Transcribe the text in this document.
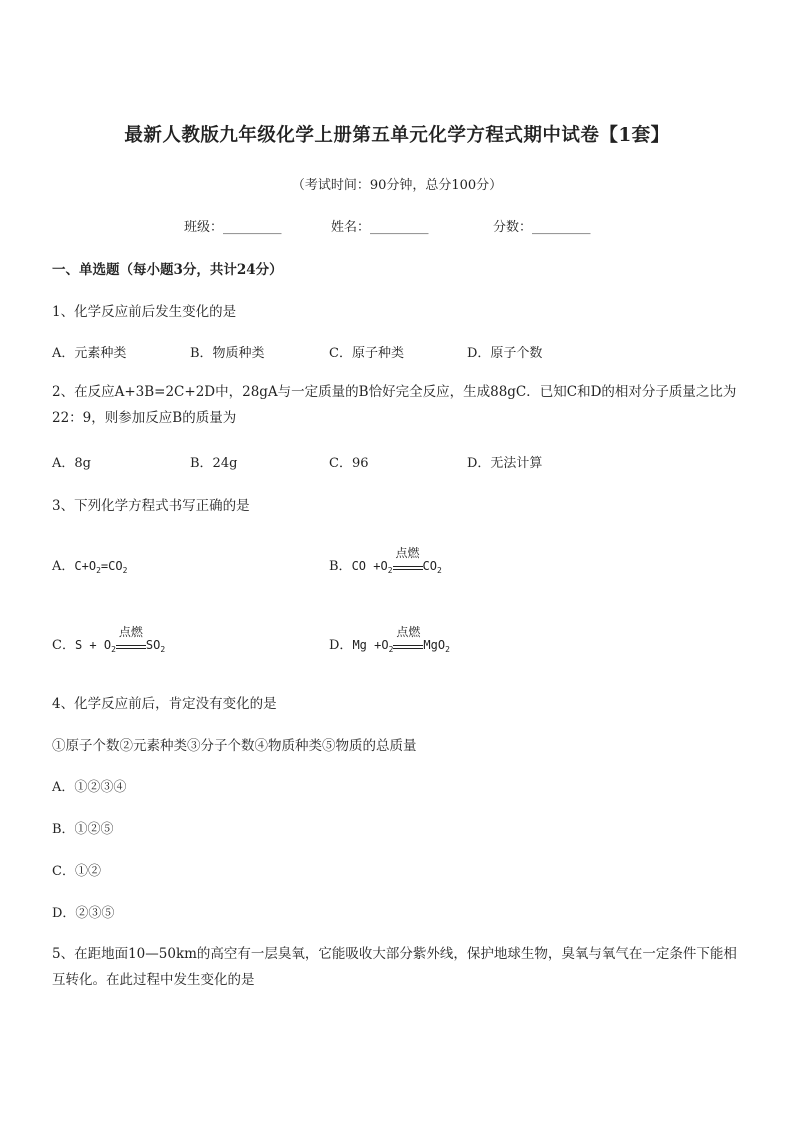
最新人教版九年级化学上册第五单元化学方程式期中试卷【1套】
（考试时间：90分钟，总分100分）
班级：_________	姓名：_________	分数：_________
一、单选题（每小题3分，共计24分）
1、化学反应前后发生变化的是
A．元素种类	B．物质种类	C．原子种类	D．原子个数
2、在反应A+3B=2C+2D中，28gA与一定质量的B恰好完全反应，生成88gC．已知C和D的相对分子质量之比为22：9，则参加反应B的质量为
A．8g	B．24g	C．96	D．无法计算
3、下列化学方程式书写正确的是
A．$C+O_2=CO_2$	B．CO $+O_2$
点燃
$CO_2$
C．$S + O_2$
点燃
$SO_2$	D．$Mg +O_2$
点燃
MgO$_2$
4、化学反应前后，肯定没有变化的是
①原子个数②元素种类③分子个数④物质种类⑤物质的总质量
A．①②③④
B．①②⑤
C．①②
D．②③⑤
5、在距地面10—50km的高空有一层臭氧，它能吸收大部分紫外线，保护地球生物，臭氧与氧气在一定条件下能相互转化。在此过程中发生变化的是
